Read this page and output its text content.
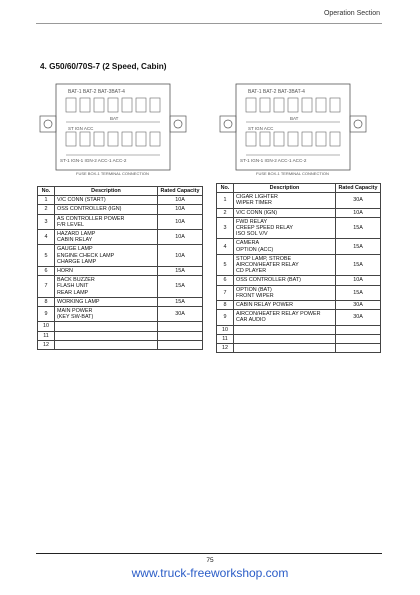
Operation Section
4. G50/60/70S-7 (2 Speed, Cabin)
BAT-1 BAT-2 BAT-3BAT-4
BAT
ST IGN ACC
ST-1 IGN-1 IGN-2 ACC-1 ACC-2
FUSE BOX-1 TERMINAL CONNECTION
BAT-1 BAT-2 BAT-3BAT-4
BAT
ST IGN ACC
ST-1 IGN-1 IGN-2 ACC-1 ACC-2
FUSE BOX-1 TERMINAL CONNECTION
No.	Description	Rated Capacity
1	V/C CONN (START)	10A
2	OSS CONTROLLER (IGN)	10A
3	AS CONTROLLER POWER
F/R LEVEL	10A
4	HAZARD LAMP
CABIN RELAY	10A
5	GAUGE LAMP
ENGINE CHECK LAMP
CHARGE LAMP	10A
6	HORN	15A
7	BACK BUZZER
FLASH UNIT
REAR LAMP	15A
8	WORKING LAMP	15A
9	MAIN POWER
(KEY SW-BAT)	30A
10		
11		
12		
No.	Description	Rated Capacity
1	CIGAR LIGHTER
WIPER TIMER	30A
2	V/C CONN (IGN)	10A
3	FWD RELAY
CREEP SPEED RELAY
ISO SOL V/V	15A
4	CAMERA
OPTION (ACC)	15A
5	STOP LAMP, STROBE
AIRCON/HEATER RELAY
CD PLAYER	15A
6	OSS CONTROLLER (BAT)	10A
7	OPTION (BAT)
FRONT WIPER	15A
8	CABIN RELAY POWER	30A
9	AIRCON/HEATER RELAY POWER
CAR AUDIO	30A
10		
11		
12		
75
www.truck-freeworkshop.com
